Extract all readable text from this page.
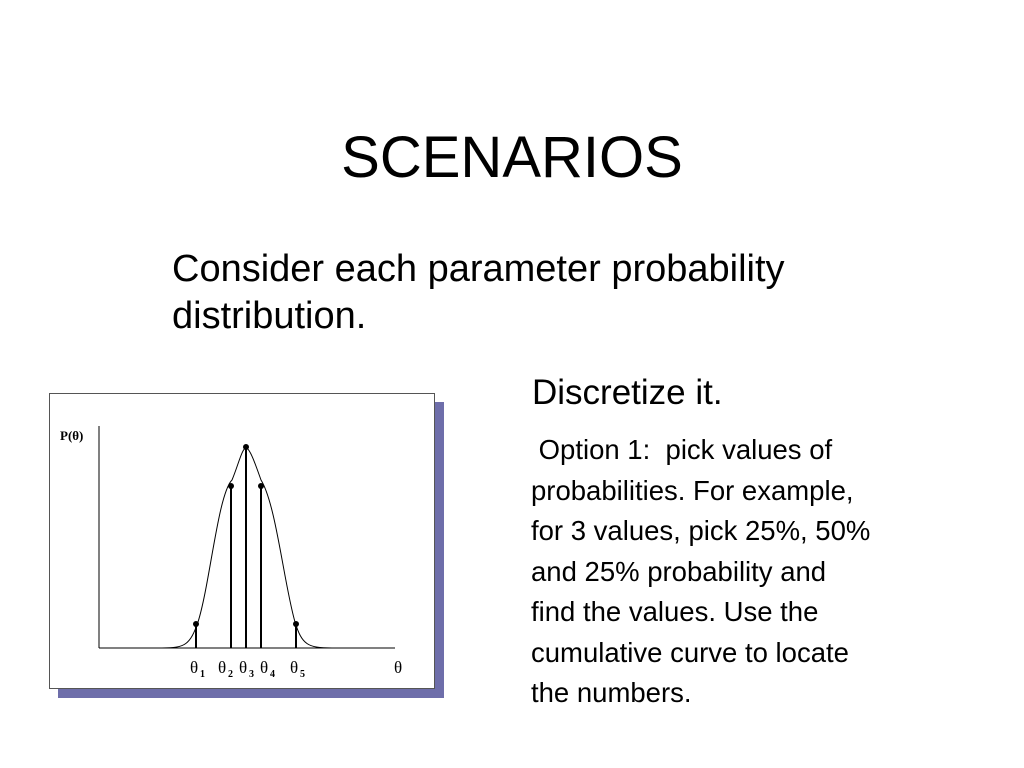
SCENARIOS
Consider each parameter probability
distribution.
Discretize it.
Option 1:  pick values of
probabilities. For example,
for 3 values, pick 25%, 50%
and 25% probability and
find the values. Use the
cumulative curve to locate
the numbers.
P(θ)
θ 1 θ 2 θ 3 θ 4 θ 5	θ
